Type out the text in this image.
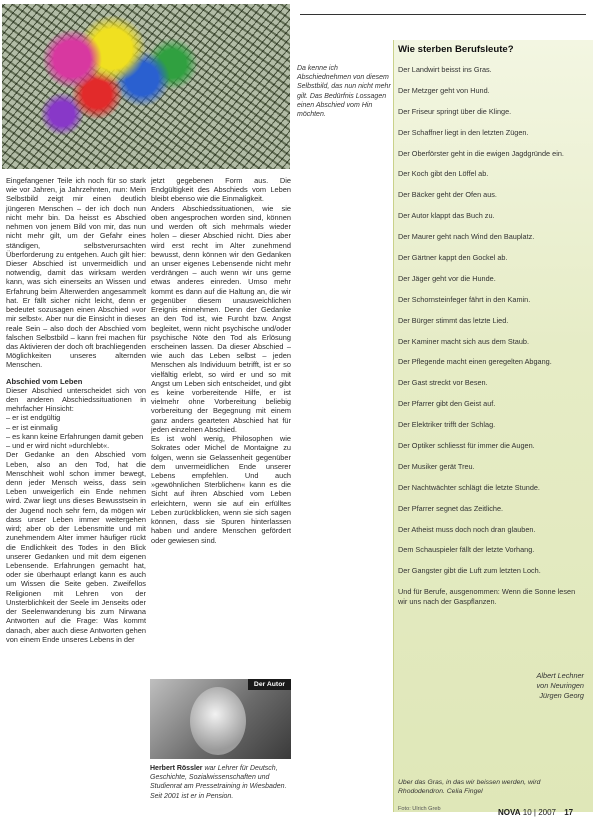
Da kenne ich Abschiednehmen von diesem Selbstbild, das nun nicht mehr gilt. Das Bedürfnis Lossagen einen Abschied vom Hin möchten.

Eingefangener Teile ich noch für so stark wie vor Jahren, ja Jahrzehnten, nun: Mein Selbstbild zeigt mir einen deutlich jüngeren Menschen – der ich doch nun nicht mehr bin. Da heisst es Abschied nehmen von jenem Bild von mir, das nun nicht mehr gilt, um der Gefahr eines ständigen, selbstverursachten Überforderung zu entgehen. Auch gilt hier: Dieser Abschied ist unvermeidlich und notwendig, damit das wirksam werden kann, was sich einerseits an Wissen und Erfahrung beim Älterwerden angesammelt hat. Er fällt sicher nicht leicht, denn er bedeutet sozusagen einen Abschied »vor mir selbst«. Aber nur die Einsicht in dieses reale Sein – also doch der Abschied vom falschen Selbstbild – kann frei machen für das Aktivieren der doch oft brachliegenden Möglichkeiten unseres alternden Menschen.

Abschied vom Leben

Dieser Abschied unterscheidet sich von den anderen Abschiedssituationen in mehrfacher Hinsicht:

– er ist endgültig
– er ist einmalig
– es kann keine Erfahrungen damit geben
– und er wird nicht »durchlebt«.

Der Gedanke an den Abschied vom Leben, also an den Tod, hat die Menschheit wohl schon immer bewegt, denn jeder Mensch weiss, dass sein Leben unweigerlich ein Ende nehmen wird. Zwar liegt uns dieses Bewusstsein in der Jugend noch sehr fern, da mögen wir dass unser Leben immer weitergehen wird; aber ob der Lebensmitte und mit zunehmendem Alter immer häufiger rückt die Endlichkeit des Todes in den Blick unserer Gedanken und mit dem eigenen Lebensende. Erfahrungen gemacht hat, oder sie überhaupt erlangt kann es auch um Wissen die Seite geben. Zweifellos Religionen mit Lehren von der Unsterblichkeit der Seele im Jenseits oder der Seelenwanderung bis zum Nirwana Antworten auf die Frage: Was kommt danach, aber auch diese Antworten gehen von einem Ende unseres Lebens in der

jetzt gegebenen Form aus. Die Endgültigkeit des Abschieds vom Leben bleibt ebenso wie die Einmaligkeit.

Anders Abschiedssituationen, wie sie oben angesprochen worden sind, können und werden oft sich mehrmals wieder holen – dieser Abschied nicht. Dies aber wird erst recht im Alter zunehmend bewusst, denn können wir den Gedanken an unser eigenes Lebensende nicht mehr verdrängen – auch wenn wir uns gerne etwas anderes einreden. Umso mehr kommt es dann auf die Haltung an, die wir gegenüber diesem unausweichlichen Ereignis einnehmen. Denn der Gedanke an den Tod ist, wie Furcht bzw. Angst begleitet, wenn nicht psychische und/oder psychische Nöte den Tod als Erlösung erscheinen lassen. Da dieser Abschied – wie auch das Leben selbst – jeden Menschen als Individuum betrifft, ist er so vielfältig erlebt, so wird er und so mit Angst um Leben sich entscheidet, und gibt es keine vorbereitende Hilfe, er ist vielmehr ohne Vorbereitung beliebig vorbereitung der Begegnung mit einem ganz anders gearteten Abschied hat für jeden einzelnen Abschied.

Es ist wohl wenig, Philosophen wie Sokrates oder Michel de Montaigne zu folgen, wenn sie Gelassenheit gegenüber dem unvermeidlichen Ende unserer Lebens empfehlen. Und auch »gewöhnlichen Sterblichen« kann es die Sicht auf ihren Abschied vom Leben erleichtern, wenn sie auf ein erfülltes Leben zurückblicken, wenn sie sich sagen können, dass sie Spuren hinterlassen haben und andere Menschen gefördert oder gewiesen sind.

Der Autor
Herbert Rössler war Lehrer für Deutsch, Geschichte, Sozialwissenschaften und Studienrat am Pressetraining in Wiesbaden. Seit 2001 ist er in Pension.
Wie sterben Berufsleute?
Der Landwirt beisst ins Gras.
Der Metzger geht von Hund.
Der Friseur springt über die Klinge.
Der Schaffner liegt in den letzten Zügen.
Der Oberförster geht in die ewigen Jagdgründe ein.
Der Koch gibt den Löffel ab.
Der Bäcker geht der Ofen aus.
Der Autor klappt das Buch zu.
Der Maurer geht nach Wind den Bauplatz.
Der Gärtner kappt den Gockel ab.
Der Jäger geht vor die Hunde.
Der Schornsteinfeger fährt in den Kamin.
Der Bürger stimmt das letzte Lied.
Der Kaminer macht sich aus dem Staub.
Der Pflegende macht einen geregelten Abgang.
Der Gast streckt vor Besen.
Der Pfarrer gibt den Geist auf.
Der Elektriker trifft der Schlag.
Der Optiker schliesst für immer die Augen.
Der Musiker gerät Treu.
Der Nachtwächter schlägt die letzte Stunde.
Der Pfarrer segnet das Zeitliche.
Der Atheist muss doch noch dran glauben.
Dem Schauspieler fällt der letzte Vorhang.
Der Gangster gibt die Luft zum letzten Loch.
Und für Berufe, ausgenommen: Wenn die Sonne lesen wir uns nach der Gaspflanzen.
Albert Lechner
von Neuringen
Jürgen Georg
Uber das Gras, in das wir beissen werden, wird Rhododendron. Celia Fingel
Foto: Ulrich Greb	NOVA 10 | 2007 17
